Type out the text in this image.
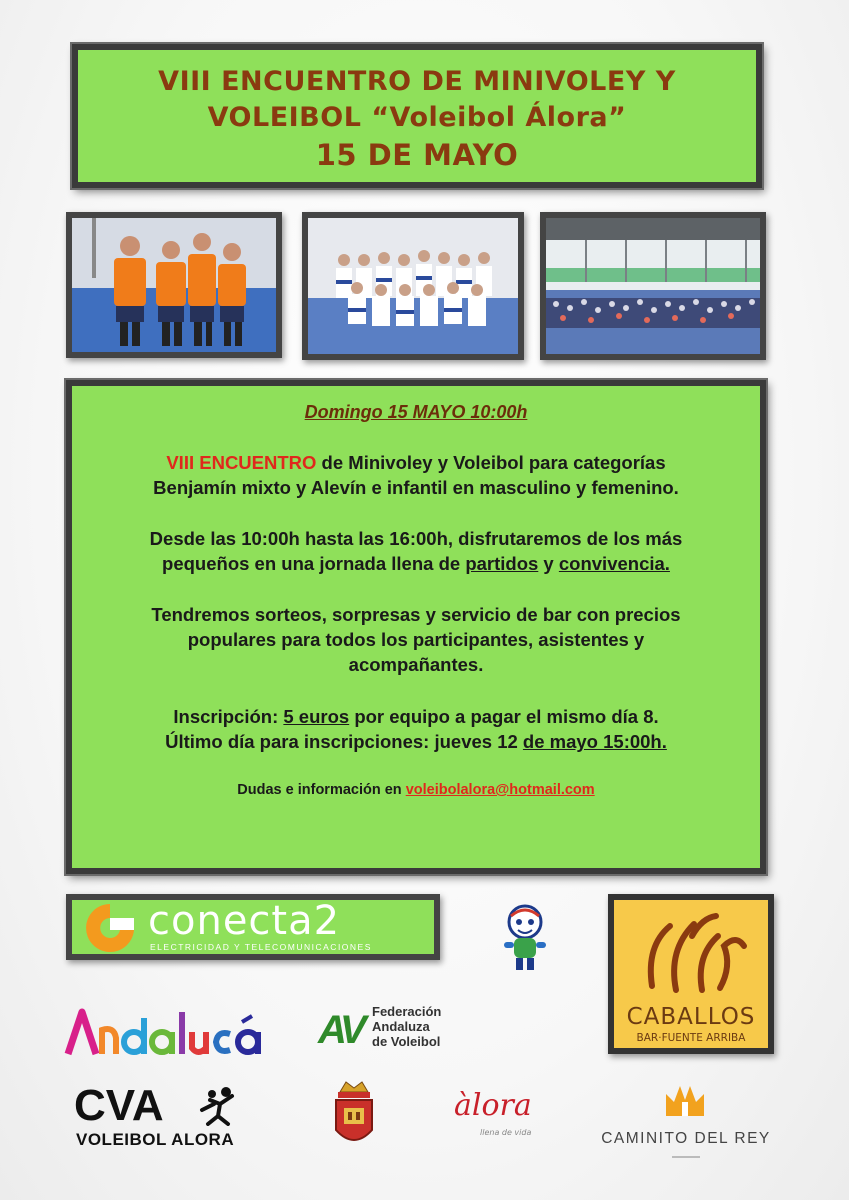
VIII ENCUENTRO DE MINIVOLEY Y
VOLEIBOL “Voleibol Álora”
15 DE MAYO
Domingo 15 MAYO 10:00h
VIII ENCUENTRO de Minivoley y Voleibol para categorías
Benjamín mixto y Alevín e infantil en masculino y femenino.
Desde las 10:00h hasta las 16:00h, disfrutaremos de los más
pequeños en una jornada llena de partidos y convivencia.
Tendremos sorteos, sorpresas y servicio de bar con precios
populares para todos los participantes, asistentes y
acompañantes.
Inscripción: 5 euros por equipo a pagar el mismo día 8.
Último día para inscripciones: jueves 12 de mayo 15:00h.
Dudas e información en voleibolalora@hotmail.com
conecta2
ELECTRICIDAD Y TELECOMUNICACIONES
CABALLOS
BAR·FUENTE ARRIBA
AV Federación
Andaluza
de Voleibol
CVA
VOLEIBOL ALORA
àlora
llena de vida	CAMINITO DEL REY
